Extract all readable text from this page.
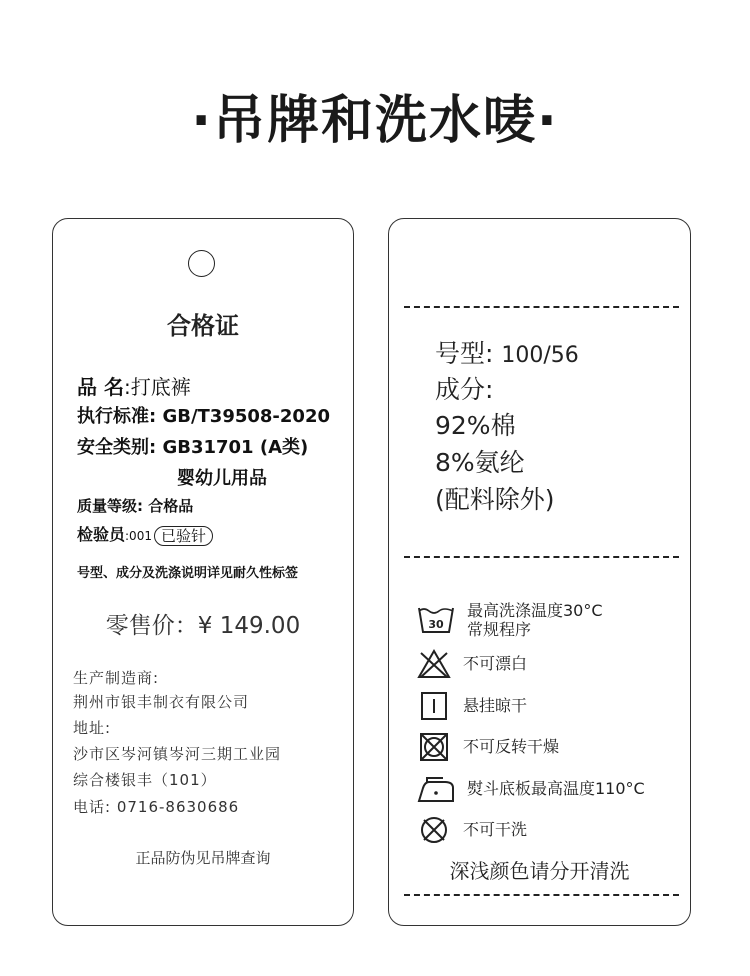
·吊牌和洗水唛·
合格证
品 名:打底裤
执行标准: GB/T39508-2020
安全类别: GB31701 (A类)
婴幼儿用品
质量等级: 合格品
检验员:001 已验针
号型、成分及洗涤说明详见耐久性标签
零售价：¥ 149.00
生产制造商:
荆州市银丰制衣有限公司
地址:
沙市区岑河镇岑河三期工业园
综合楼银丰（101）
电话: 0716-8630686
正品防伪见吊牌查询
号型: 100/56
成分:
92%棉
8%氨纶
(配料除外)
30
最高洗涤温度30°C
常规程序
不可漂白
悬挂晾干
不可反转干燥
熨斗底板最高温度110°C
不可干洗
深浅颜色请分开清洗
